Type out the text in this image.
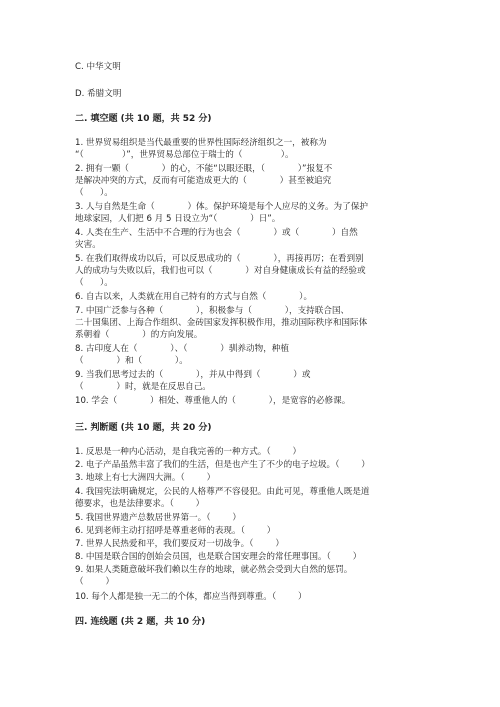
C. 中华文明
D. 希腊文明
二. 填空题 (共 10 题，共 52 分)
1. 世界贸易组织是当代最重要的世界性国际经济组织之一，被称为
“（              ）”，世界贸易总部位于瑞士的（              ）。
2. 拥有一颗（            ）的心，不能“以眼还眼，（            ）”报复不
是解决冲突的方式，反而有可能造成更大的（            ）甚至被追究
（      ）。
3. 人与自然是生命（            ）体。保护环境是每个人应尽的义务。为了保护
地球家园，人们把 6 月 5 日设立为“（            ）日”。
4. 人类在生产、生活中不合理的行为也会（            ）或（            ）自然
灾害。
5. 在我们取得成功以后，可以反思成功的（            ），再接再厉；在看到别
人的成功与失败以后，我们也可以（            ）对自身健康成长有益的经验或
（      ）。
6. 自古以来，人类就在用自己特有的方式与自然（            ）。
7. 中国广泛参与各种（            ），积极参与（            ），支持联合国、
二十国集团、上海合作组织、金砖国家发挥积极作用，推动国际秩序和国际体
系朝着（            ）的方向发展。
8. 古印度人在（            ）、（            ）驯养动物，种植
（            ）和（            ）。
9. 当我们思考过去的（            ），并从中得到（            ）或
（            ）时，就是在反思自己。
10. 学会（            ）相处、尊重他人的（            ），是宽容的必修课。
三. 判断题 (共 10 题，共 20 分)
1. 反思是一种内心活动，是自我完善的一种方式。（        ）
2. 电子产品虽然丰富了我们的生活，但是也产生了不少的电子垃圾。（        ）
3. 地球上有七大洲四大洲。（        ）
4. 我国宪法明确规定，公民的人格尊严不容侵犯。由此可见，尊重他人既是道
德要求，也是法律要求。（        ）
5. 我国世界遗产总数居世界第一。（        ）
6. 见到老师主动打招呼是尊重老师的表现。（        ）
7. 世界人民热爱和平，我们要反对一切战争。（        ）
8. 中国是联合国的创始会员国，也是联合国安理会的常任理事国。（        ）
9. 如果人类随意破坏我们赖以生存的地球，就必然会受到大自然的惩罚。
（        ）
10. 每个人都是独一无二的个体，都应当得到尊重。（        ）
四. 连线题 (共 2 题，共 10 分)
